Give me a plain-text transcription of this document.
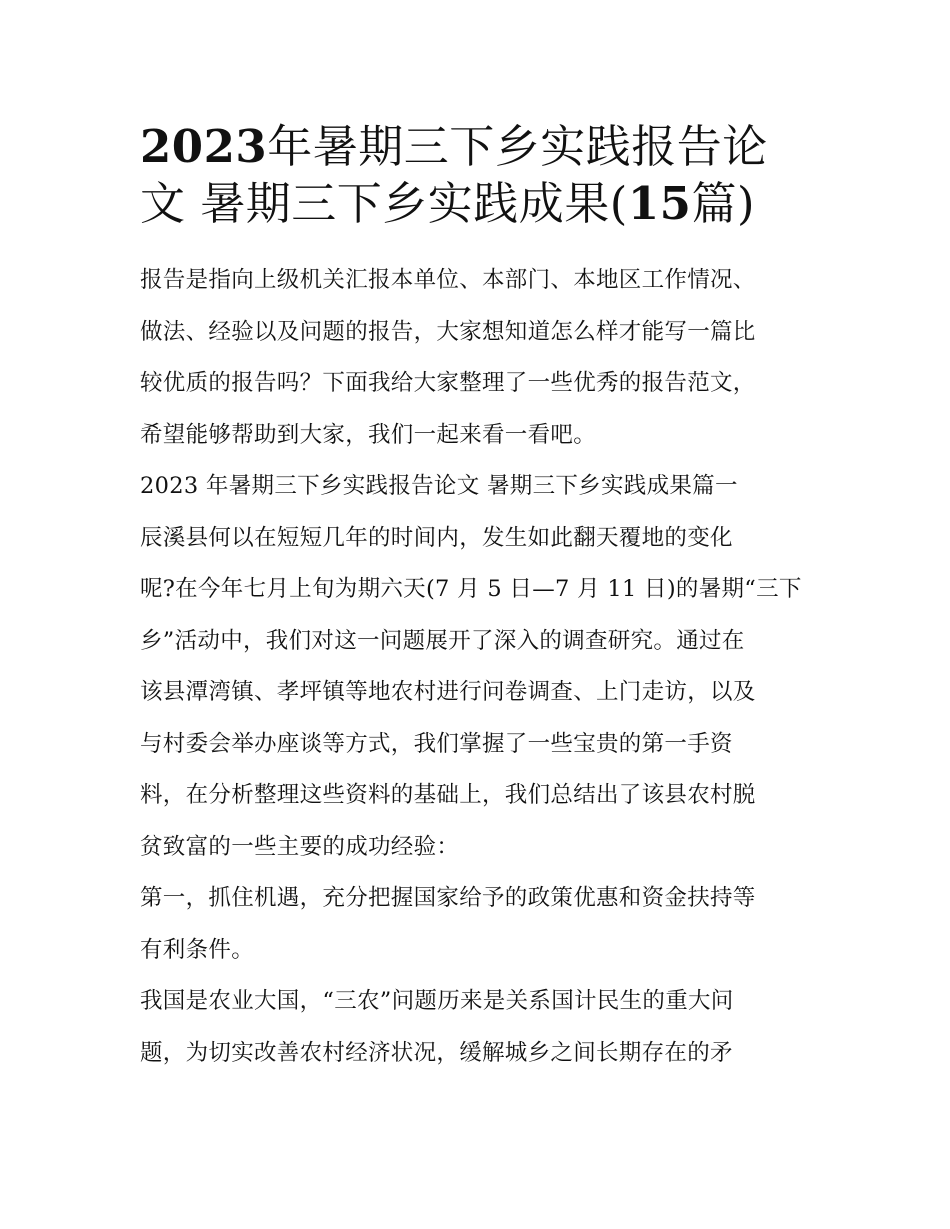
2023年暑期三下乡实践报告论
文 暑期三下乡实践成果(15篇)
报告是指向上级机关汇报本单位、本部门、本地区工作情况、
做法、经验以及问题的报告，大家想知道怎么样才能写一篇比
较优质的报告吗？下面我给大家整理了一些优秀的报告范文，
希望能够帮助到大家，我们一起来看一看吧。
2023 年暑期三下乡实践报告论文 暑期三下乡实践成果篇一
辰溪县何以在短短几年的时间内，发生如此翻天覆地的变化
呢?在今年七月上旬为期六天(7 月 5 日—7 月 11 日)的暑期“三下
乡”活动中，我们对这一问题展开了深入的调查研究。通过在
该县潭湾镇、孝坪镇等地农村进行问卷调查、上门走访，以及
与村委会举办座谈等方式，我们掌握了一些宝贵的第一手资
料，在分析整理这些资料的基础上，我们总结出了该县农村脱
贫致富的一些主要的成功经验：
第一，抓住机遇，充分把握国家给予的政策优惠和资金扶持等
有利条件。
我国是农业大国，“三农”问题历来是关系国计民生的重大问
题，为切实改善农村经济状况，缓解城乡之间长期存在的矛
